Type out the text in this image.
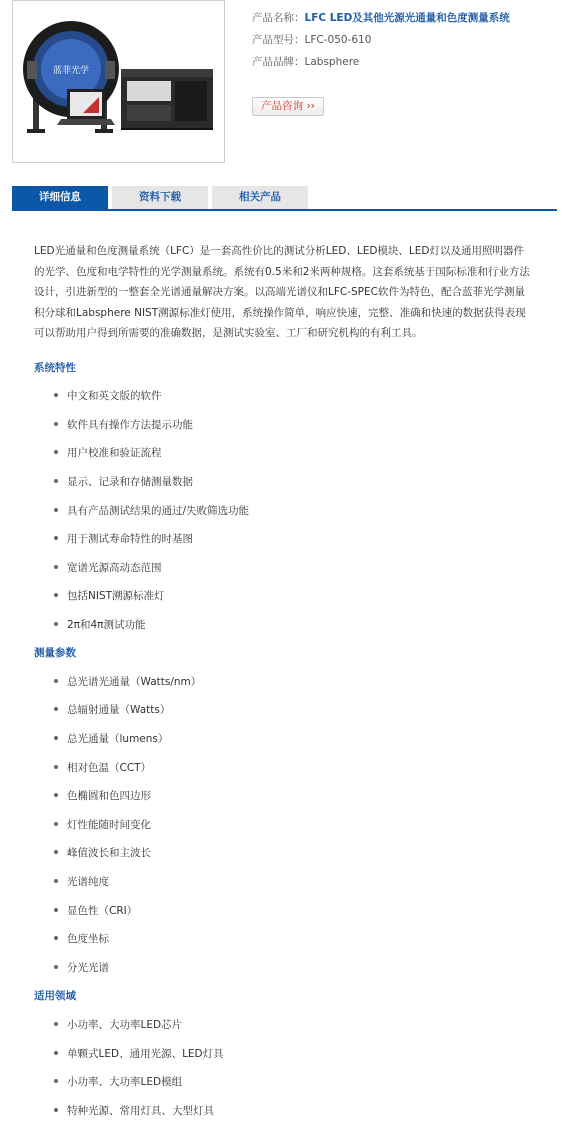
蓝菲光学
产品名称：LFC LED及其他光源光通量和色度测量系统
产品型号：LFC-050-610
产品品牌：Labsphere
产品咨询 ››
详细信息	资料下载	相关产品

LED光通量和色度测量系统（LFC）是一套高性价比的测试分析LED、LED模块、LED灯以及通用照明器件的光学、色度和电学特性的光学测量系统。系统有0.5米和2米两种规格。这套系统基于国际标准和行业方法设计，引进新型的一整套全光谱通量解决方案。以高端光谱仪和LFC-SPEC软件为特色，配合蓝菲光学测量积分球和Labsphere NIST溯源标准灯使用，系统操作简单，响应快速，完整、准确和快速的数据获得表现可以帮助用户得到所需要的准确数据，是测试实验室、工厂和研究机构的有利工具。

系统特性
中文和英文版的软件
软件具有操作方法提示功能
用户校准和验证流程
显示、记录和存储测量数据
具有产品测试结果的通过/失败筛选功能
用于测试寿命特性的时基图
宽谱光源高动态范围
包括NIST溯源标准灯
2π和4π测试功能
测量参数
总光谱光通量（Watts/nm）
总辐射通量（Watts）
总光通量（lumens）
相对色温（CCT）
色椭圆和色四边形
灯性能随时间变化
峰值波长和主波长
光谱纯度
显色性（CRI）
色度坐标
分光光谱
适用领域
小功率、大功率LED芯片
单颗式LED、通用光源、LED灯具
小功率、大功率LED模组
特种光源、常用灯具、大型灯具
